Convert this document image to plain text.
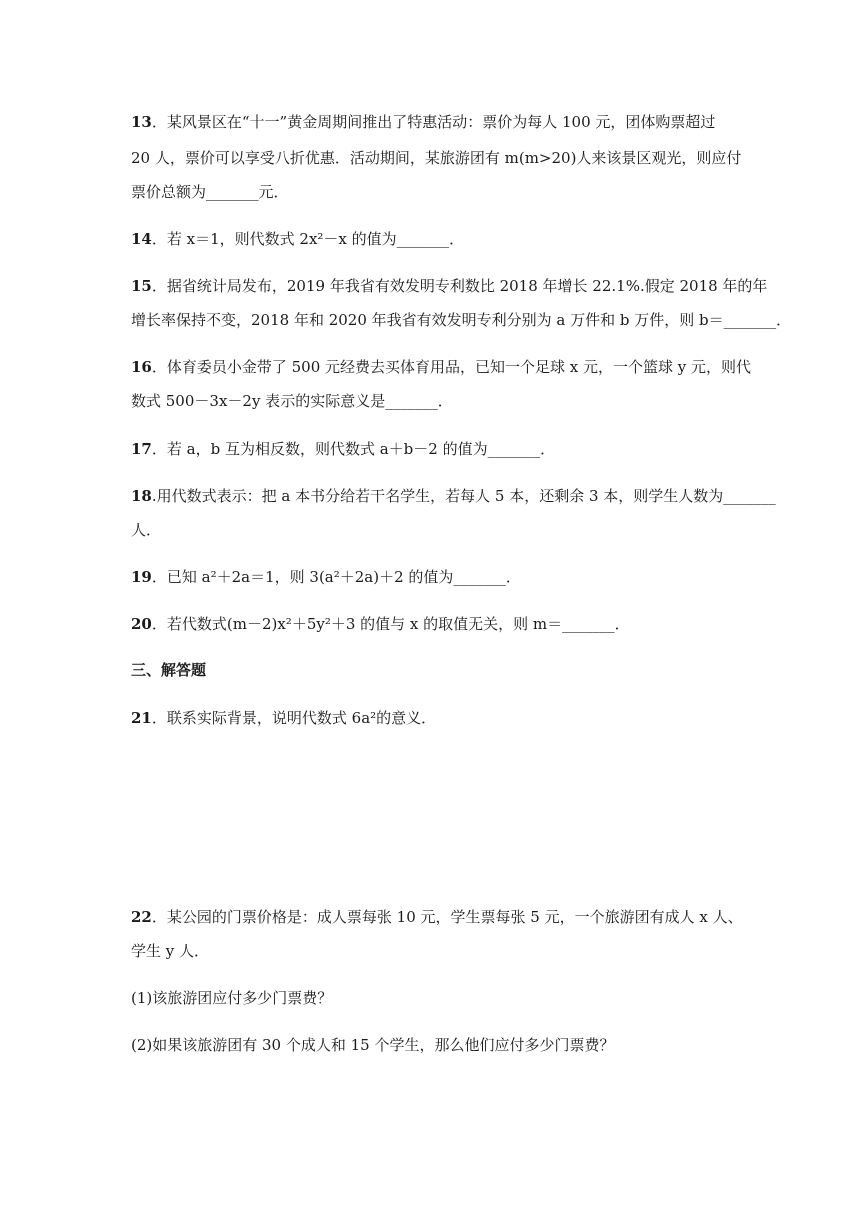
13．某风景区在“十一”黄金周期间推出了特惠活动：票价为每人 100 元，团体购票超过
20 人，票价可以享受八折优惠．活动期间，某旅游团有 m(m>20)人来该景区观光，则应付
票价总额为_______元．
14．若 x＝1，则代数式 2x²－x 的值为_______．
15．据省统计局发布，2019 年我省有效发明专利数比 2018 年增长 22.1%.假定 2018 年的年
增长率保持不变，2018 年和 2020 年我省有效发明专利分别为 a 万件和 b 万件，则 b＝_______．
16．体育委员小金带了 500 元经费去买体育用品，已知一个足球 x 元，一个篮球 y 元，则代
数式 500－3x－2y 表示的实际意义是_______．
17．若 a，b 互为相反数，则代数式 a＋b－2 的值为_______．
18.用代数式表示：把 a 本书分给若干名学生，若每人 5 本，还剩余 3 本，则学生人数为_______
人．
19．已知 a²＋2a＝1，则 3(a²＋2a)＋2 的值为_______．
20．若代数式(m－2)x²＋5y²＋3 的值与 x 的取值无关，则 m＝_______．
三、解答题
21．联系实际背景，说明代数式 6a²的意义．
22．某公园的门票价格是：成人票每张 10 元，学生票每张 5 元，一个旅游团有成人 x 人、
学生 y 人．
(1)该旅游团应付多少门票费？
(2)如果该旅游团有 30 个成人和 15 个学生，那么他们应付多少门票费？
